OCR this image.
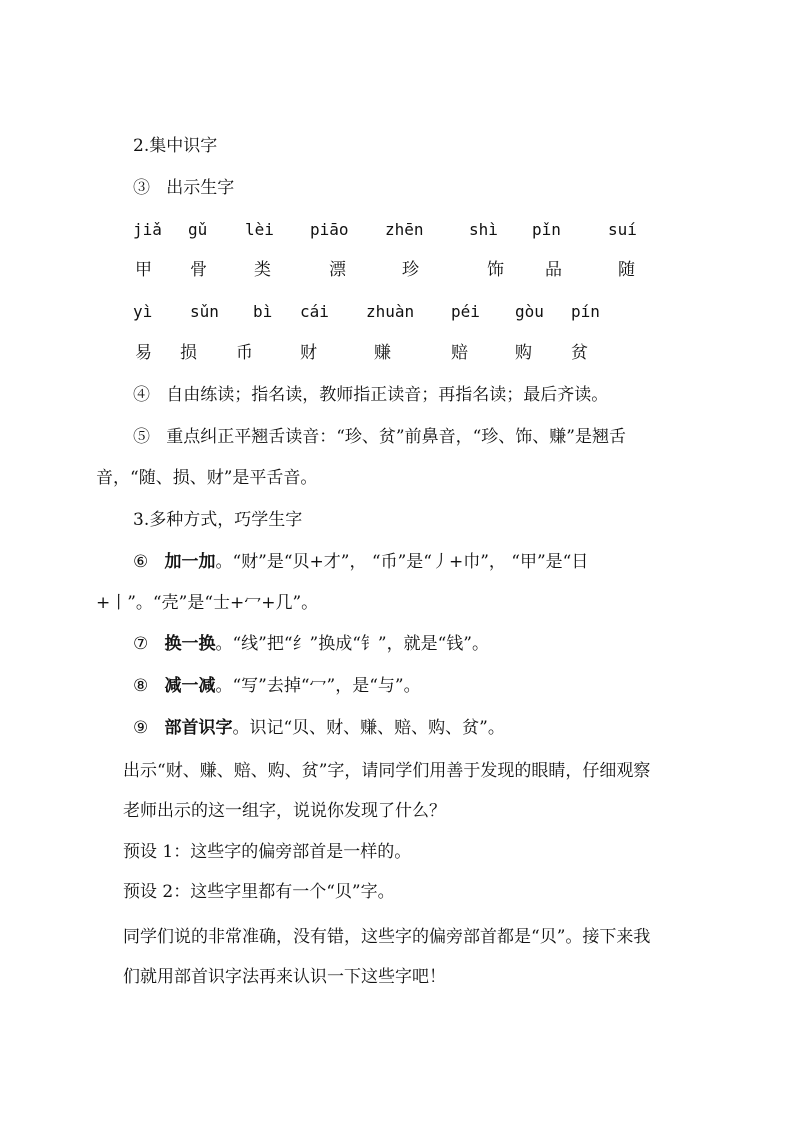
2.集中识字
③ 出示生字
jiǎ gǔ lèi piāo zhēn	shì pǐn	suí
甲 骨	类	漂	珍	饰 品	随
yì sǔn bì cái zhuàn péi gòu pín
易 损 币	财	赚	赔	购 贫
④ 自由练读；指名读，教师指正读音；再指名读；最后齐读。
⑤ 重点纠正平翘舌读音：“珍、贫”前鼻音，“珍、饰、赚”是翘舌
音，“随、损、财”是平舌音。
3.多种方式，巧学生字
⑥ 加一加。“财”是“贝+才”， “币”是“丿+巾”， “甲”是“日
+丨”。“壳”是“士+冖+几”。
⑦ 换一换。“线”把“纟”换成“钅”，就是“钱”。
⑧ 减一减。“写”去掉“冖”，是“与”。
⑨ 部首识字。识记“贝、财、赚、赔、购、贫”。
出示“财、赚、赔、购、贫”字，请同学们用善于发现的眼睛，仔细观察
老师出示的这一组字，说说你发现了什么？
预设 1：这些字的偏旁部首是一样的。
预设 2：这些字里都有一个“贝”字。
同学们说的非常准确，没有错，这些字的偏旁部首都是“贝”。接下来我
们就用部首识字法再来认识一下这些字吧！
